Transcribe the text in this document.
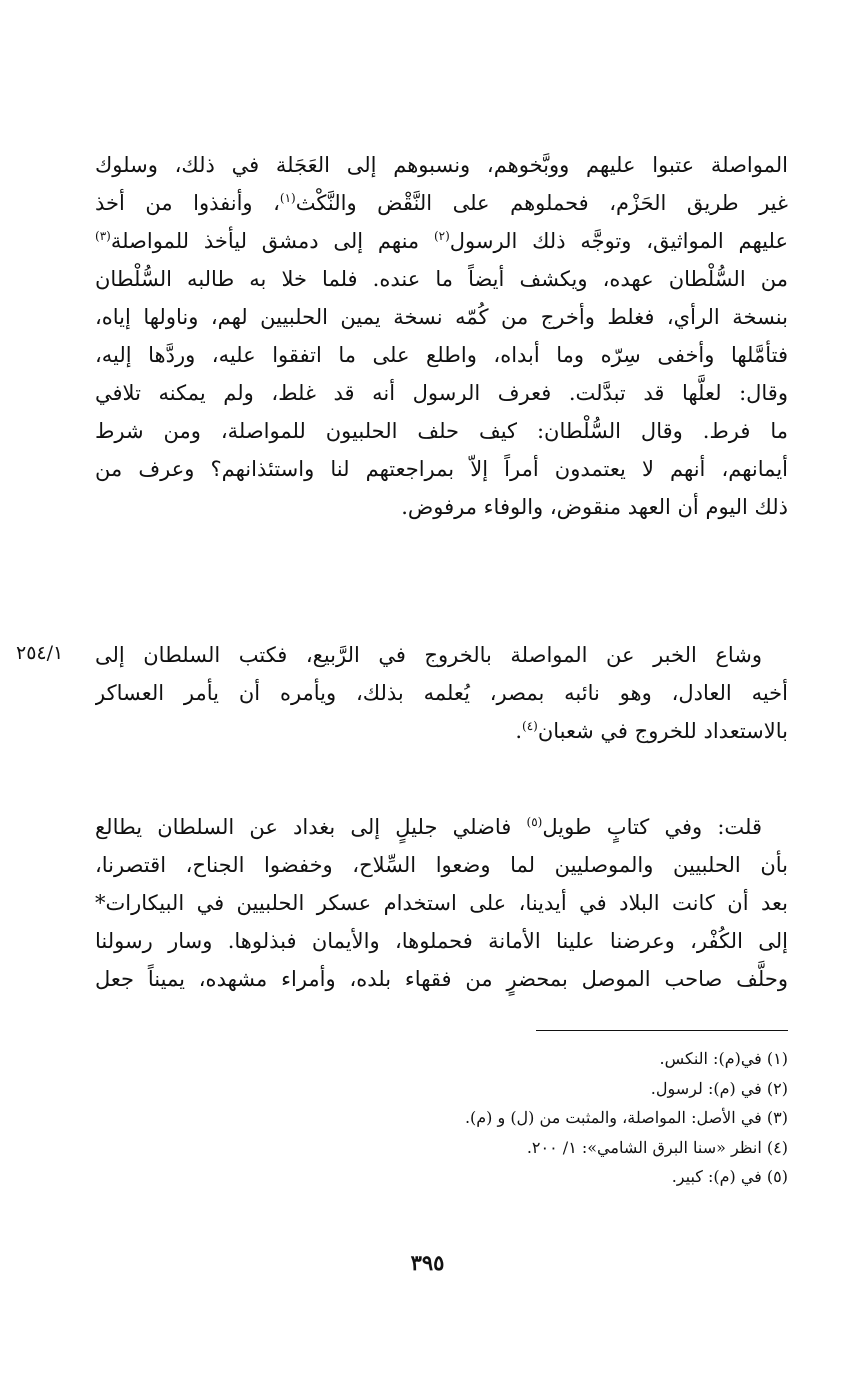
المواصلة عتبوا عليهم ووبَّخوهم، ونسبوهم إلى العَجَلة في ذلك، وسلوك
غير طريق الحَزْم، فحملوهم على النَّقْض والنَّكْث$^{(١)}$، وأنفذوا من أخذ
عليهم المواثيق، وتوجَّه ذلك الرسول$^{(٢)}$ منهم إلى دمشق ليأخذ للمواصلة$^{(٣)}$
من السُّلْطان عهده، ويكشف أيضاً ما عنده. فلما خلا به طالبه السُّلْطان
بنسخة الرأي، فغلط وأخرج من كُمّه نسخة يمين الحلبيين لهم، وناولها إياه،
فتأمَّلها وأخفى سِرّه وما أبداه، واطلع على ما اتفقوا عليه، وردَّها إليه،
وقال: لعلَّها قد تبدَّلت. فعرف الرسول أنه قد غلط، ولم يمكنه تلافي
ما فرط. وقال السُّلْطان: كيف حلف الحلبيون للمواصلة، ومن شرط
أيمانهم، أنهم لا يعتمدون أمراً إلاّ بمراجعتهم لنا واستئذانهم؟ وعرف من
ذلك اليوم أن العهد منقوض، والوفاء مرفوض.
٢٥٤/١ وشاع الخبر عن المواصلة بالخروج في الرَّبيع، فكتب السلطان إلى
أخيه العادل، وهو نائبه بمصر، يُعلمه بذلك، ويأمره أن يأمر العساكر
بالاستعداد للخروج في شعبان$^{(٤)}$.
قلت: وفي كتابٍ طويل$^{(٥)}$ فاضلي جليلٍ إلى بغداد عن السلطان يطالع
بأن الحلبيين والموصليين لما وضعوا السِّلاح، وخفضوا الجناح، اقتصرنا،
بعد أن كانت البلاد في أيدينا، على استخدام عسكر الحلبيين في البيكارات*
إلى الكُفْر، وعرضنا علينا الأمانة فحملوها، والأيمان فبذلوها. وسار رسولنا
وحلَّف صاحب الموصل بمحضرٍ من فقهاء بلده، وأمراء مشهده، يميناً جعل
(١) في(م): النكس.
(٢) في (م): لرسول.
(٣) في الأصل: المواصلة، والمثبت من (ل) و (م).
(٤) انظر «سنا البرق الشامي»: ١/ ٢٠٠.
(٥) في (م): كبير.
٣٩٥
